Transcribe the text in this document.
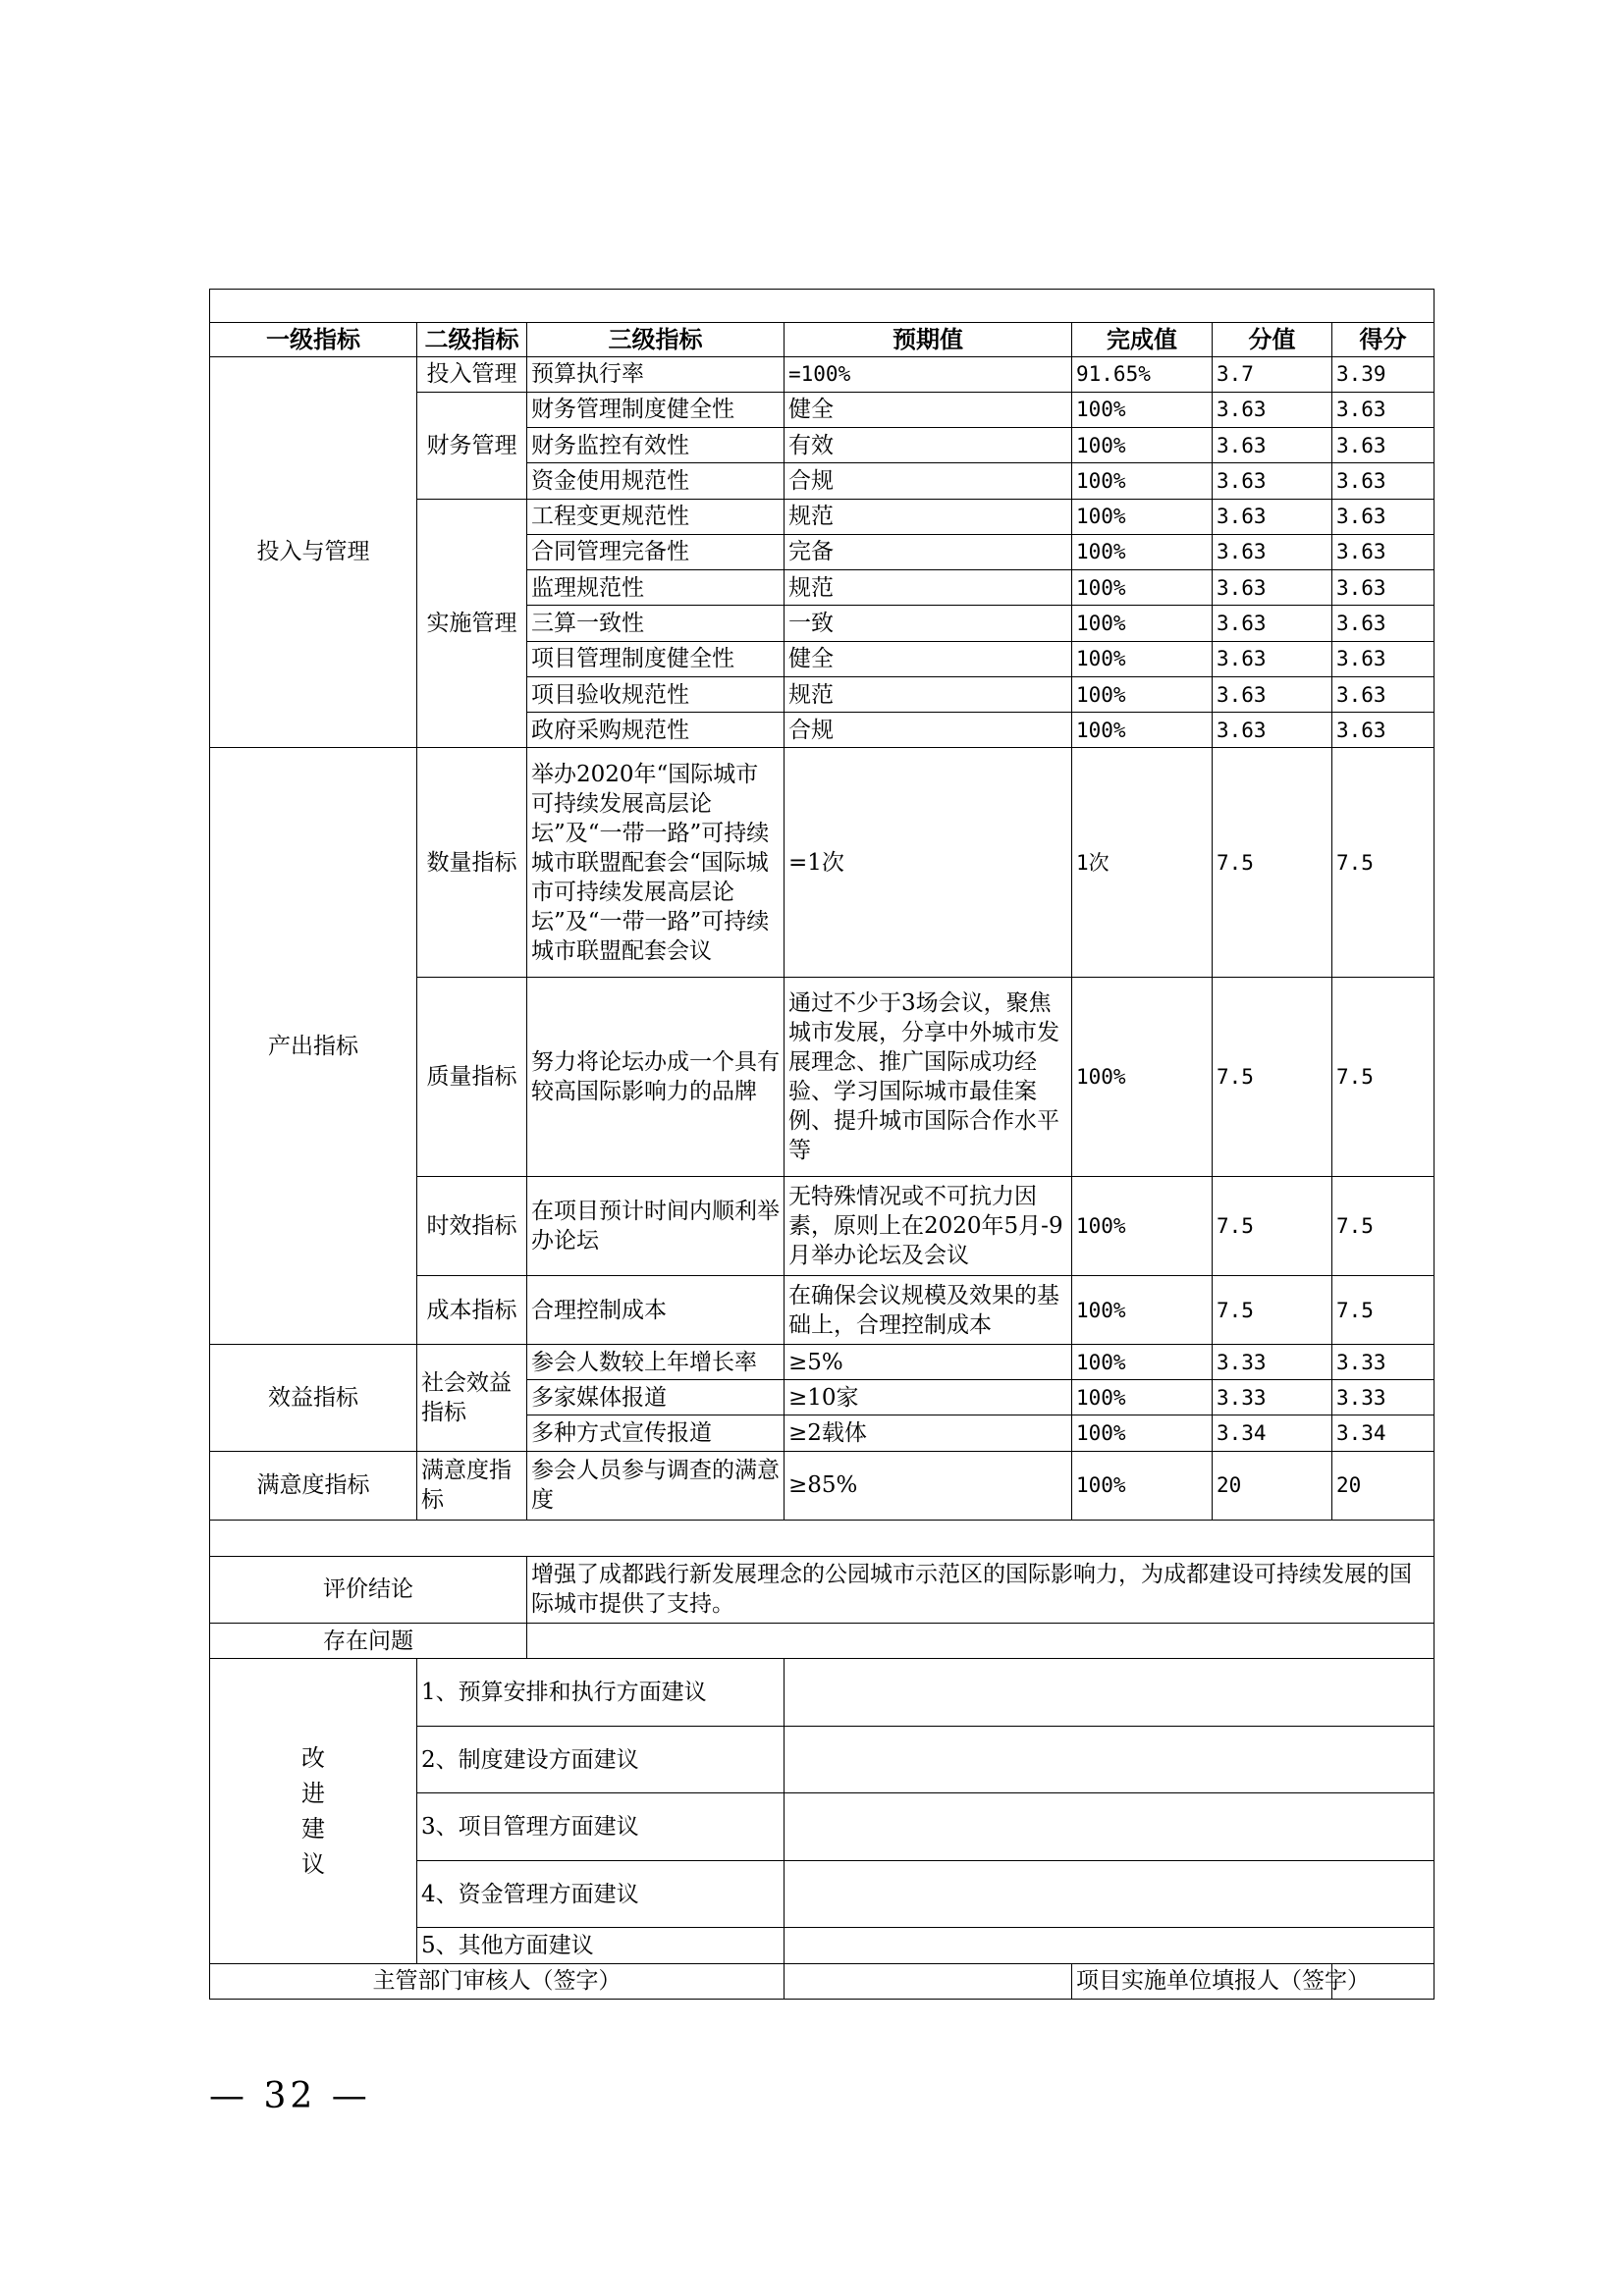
一级指标	二级指标	三级指标	预期值	完成值	分值	得分
投入与管理	投入管理	预算执行率	=100%	91.65%	3.7	3.39
	财务管理	财务管理制度健全性	健全	100%	3.63	3.63
		财务监控有效性	有效	100%	3.63	3.63
		资金使用规范性	合规	100%	3.63	3.63
	实施管理	工程变更规范性	规范	100%	3.63	3.63
		合同管理完备性	完备	100%	3.63	3.63
		监理规范性	规范	100%	3.63	3.63
		三算一致性	一致	100%	3.63	3.63
		项目管理制度健全性	健全	100%	3.63	3.63
		项目验收规范性	规范	100%	3.63	3.63
		政府采购规范性	合规	100%	3.63	3.63
产出指标	数量指标	举办2020年“国际城市可持续发展高层论坛”及“一带一路”可持续城市联盟配套会“国际城市可持续发展高层论坛”及“一带一路”可持续城市联盟配套会议	=1次	1次	7.5	7.5
	质量指标	努力将论坛办成一个具有较高国际影响力的品牌	通过不少于3场会议，聚焦城市发展，分享中外城市发展理念、推广国际成功经验、学习国际城市最佳案例、提升城市国际合作水平等	100%	7.5	7.5
	时效指标	在项目预计时间内顺利举办论坛	无特殊情况或不可抗力因素，原则上在2020年5月-9月举办论坛及会议	100%	7.5	7.5
	成本指标	合理控制成本	在确保会议规模及效果的基础上，合理控制成本	100%	7.5	7.5
效益指标	社会效益指标	参会人数较上年增长率	≥5%	100%	3.33	3.33
		多家媒体报道	≥10家	100%	3.33	3.33
		多种方式宣传报道	≥2载体	100%	3.34	3.34
满意度指标	满意度指标	参会人员参与调查的满意度	≥85%	100%	20	20

评价结论		增强了成都践行新发展理念的公园城市示范区的国际影响力，为成都建设可持续发展的国际城市提供了支持。				
存在问题						

改进建议	1、预算安排和执行方面建议					
	2、制度建设方面建议					
	3、项目管理方面建议					
	4、资金管理方面建议					
	5、其他方面建议					
主管部门审核人（签字）				项目实施单位填报人（签字）		
— 32 —
